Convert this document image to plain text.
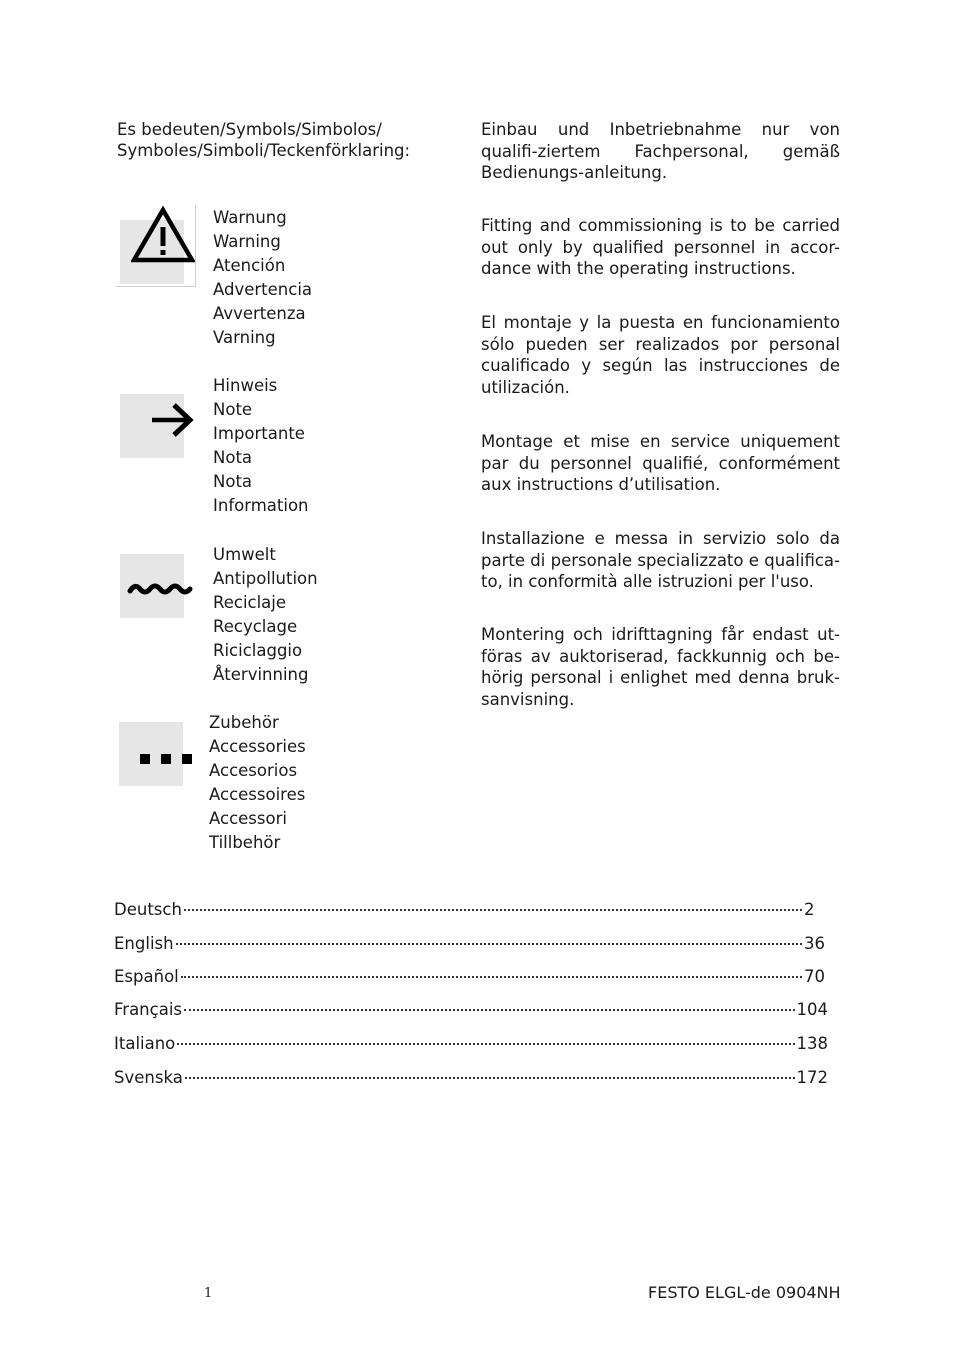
Es bedeuten/Symbols/Simbolos/
Symboles/Simboli/Teckenförklaring:
Warnung
Warning
Atención
Advertencia
Avvertenza
Varning
Hinweis
Note
Importante
Nota
Nota
Information
Umwelt
Antipollution
Reciclaje
Recyclage
Riciclaggio
Återvinning
Zubehör
Accessories
Accesorios
Accessoires
Accessori
Tillbehör

Einbau und Inbetriebnahme nur von qualifi-ziertem Fachpersonal, gemäß Bedienungs-anleitung.

Fitting and commissioning is to be carried out only by qualified personnel in accor-dance with the operating instructions.

El montaje y la puesta en funcionamiento sólo pueden ser realizados por personal cualificado y según las instrucciones de utilización.

Montage et mise en service uniquement par du personnel qualifié, conformément aux instructions d’utilisation.

Installazione e messa in servizio solo da parte di personale specializzato e qualifica-to, in conformità alle istruzioni per l'uso.

Montering och idrifttagning får endast ut-föras av auktoriserad, fackkunnig och be-hörig personal i enlighet med denna bruk-sanvisning.

Deutsch	2
English	36
Español	70
Français	104
Italiano	138
Svenska	172
1	FESTO ELGL-de 0904NH
